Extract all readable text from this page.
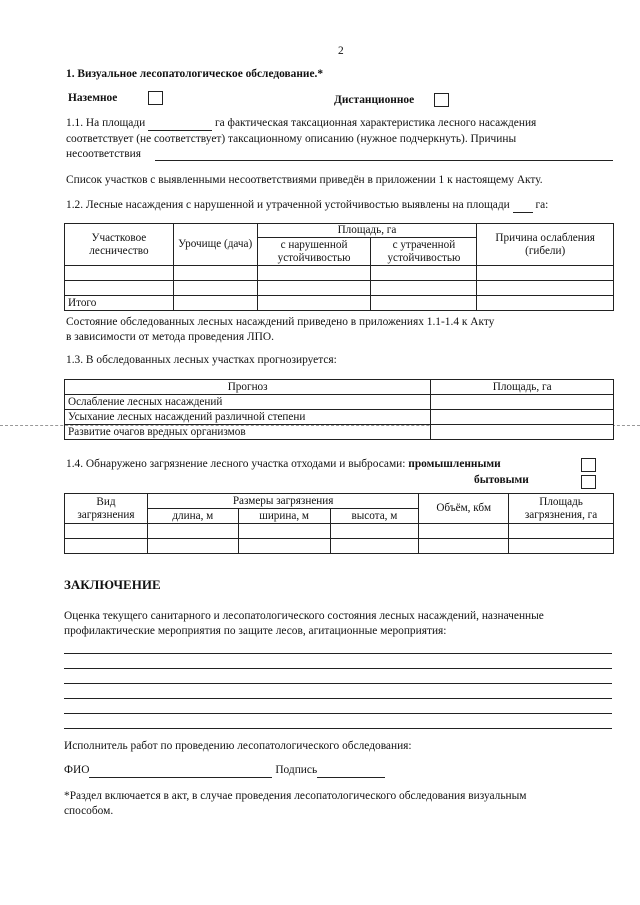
2
1. Визуальное лесопатологическое обследование.*
Наземное	Дистанционное
1.1. На площади	га фактическая таксационная характеристика лесного насаждения
соответствует (не соответствует) таксационному описанию (нужное подчеркнуть). Причины
несоответствия
Список участков с выявленными несоответствиями приведён в приложении 1 к настоящему Акту.
1.2. Лесные насаждения с нарушенной и утраченной устойчивостью выявлены на площади га:
Участковое лесничество	Урочище (дача)	Площадь, га		Причина ослабления (гибели)
		с нарушенной устойчивостью	с утраченной устойчивостью	

Итого				
Состояние обследованных лесных насаждений приведено в приложениях 1.1-1.4 к Акту
в зависимости от метода проведения ЛПО.
1.3. В обследованных лесных участках прогнозируется:
Прогноз	Площадь, га
Ослабление лесных насаждений	
Усыхание лесных насаждений различной степени	
Развитие очагов вредных организмов	
1.4. Обнаружено загрязнение лесного участка отходами и выбросами: промышленными
бытовыми
Вид загрязнения	Размеры загрязнения			Объём, кбм	Площадь загрязнения, га
	длина, м	ширина, м	высота, м		

ЗАКЛЮЧЕНИЕ
Оценка текущего санитарного и лесопатологического состояния лесных насаждений, назначенные
профилактические мероприятия по защите лесов, агитационные мероприятия:
Исполнитель работ по проведению лесопатологического обследования:
ФИО	Подпись
*Раздел включается в акт, в случае проведения лесопатологического обследования визуальным
способом.
